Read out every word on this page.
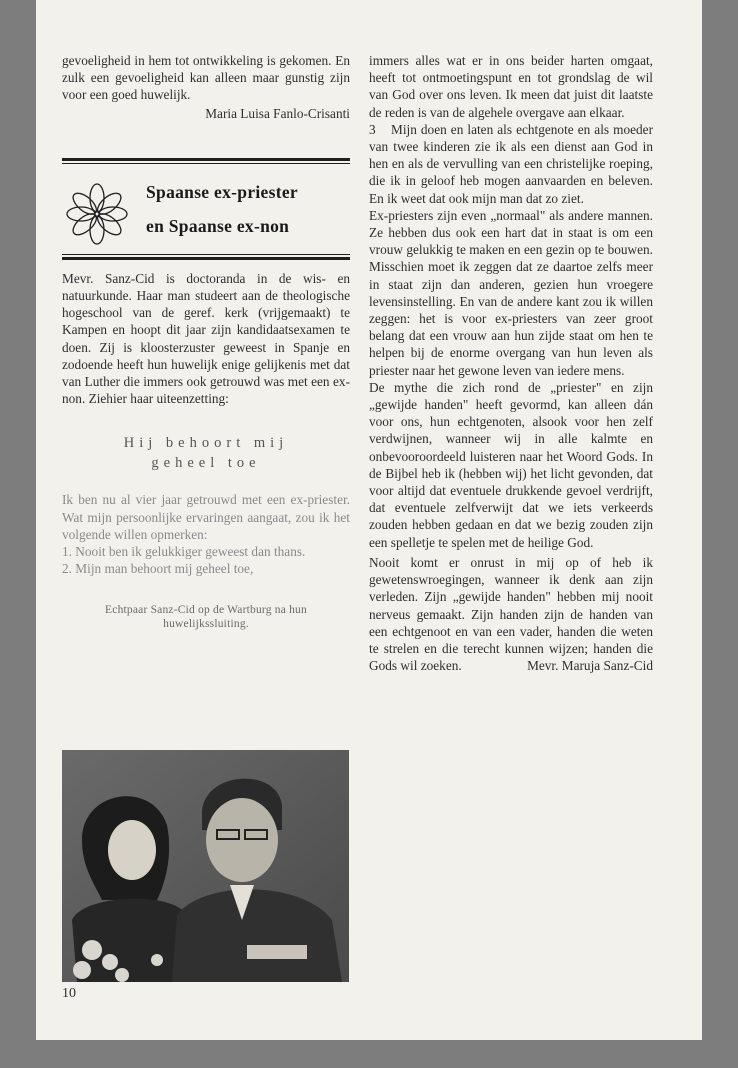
gevoeligheid in hem tot ontwikkeling is gekomen. En zulk een gevoeligheid kan alleen maar gunstig zijn voor een goed huwelijk.

Maria Luisa Fanlo-Crisanti

Spaanse ex-priester
en Spaanse ex-non

Mevr. Sanz-Cid is doctoranda in de wis- en natuurkunde. Haar man studeert aan de theologische hogeschool van de geref. kerk (vrijgemaakt) te Kampen en hoopt dit jaar zijn kandidaatsexamen te doen. Zij is kloosterzuster geweest in Spanje en zodoende heeft hun huwelijk enige gelijkenis met dat van Luther die immers ook getrouwd was met een ex-non. Ziehier haar uiteenzetting:

Hij behoort mij
geheel toe

Ik ben nu al vier jaar getrouwd met een ex-priester. Wat mijn persoonlijke ervaringen aangaat, zou ik het volgende willen opmerken:

1. Nooit ben ik gelukkiger geweest dan thans.

2. Mijn man behoort mij geheel toe,

Echtpaar Sanz-Cid op de Wartburg na hun huwelijkssluiting.
10

immers alles wat er in ons beider harten omgaat, heeft tot ontmoetingspunt en tot grondslag de wil van God over ons leven. Ik meen dat juist dit laatste de reden is van de algehele overgave aan elkaar.

3 Mijn doen en laten als echtgenote en als moeder van twee kinderen zie ik als een dienst aan God in hen en als de vervulling van een christelijke roeping, die ik in geloof heb mogen aanvaarden en beleven. En ik weet dat ook mijn man dat zo ziet.

Ex-priesters zijn even „normaal" als andere mannen. Ze hebben dus ook een hart dat in staat is om een vrouw gelukkig te maken en een gezin op te bouwen. Misschien moet ik zeggen dat ze daartoe zelfs meer in staat zijn dan anderen, gezien hun vroegere levensinstelling. En van de andere kant zou ik willen zeggen: het is voor ex-priesters van zeer groot belang dat een vrouw aan hun zijde staat om hen te helpen bij de enorme overgang van hun leven als priester naar het gewone leven van iedere mens.

De mythe die zich rond de „priester" en zijn „gewijde handen" heeft gevormd, kan alleen dán voor ons, hun echtgenoten, alsook voor hen zelf verdwijnen, wanneer wij in alle kalmte en onbevooroordeeld luisteren naar het Woord Gods. In de Bijbel heb ik (hebben wij) het licht gevonden, dat voor altijd dat eventuele drukkende gevoel verdrijft, dat eventuele zelfverwijt dat we iets verkeerds zouden hebben gedaan en dat we bezig zouden zijn een spelletje te spelen met de heilige God.

Nooit komt er onrust in mij op of heb ik gewetenswroegingen, wanneer ik denk aan zijn verleden. Zijn „gewijde handen" hebben mij nooit nerveus gemaakt. Zijn handen zijn de handen van een echtgenoot en van een vader, handen die weten te strelen en die terecht kunnen wijzen; handen die Gods wil zoeken.	Mevr. Maruja Sanz-Cid
